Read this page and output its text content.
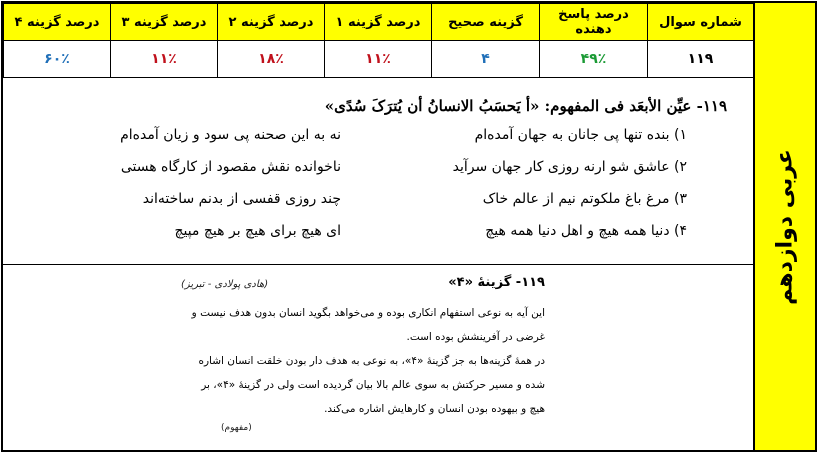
عربی دوازدهم
شماره سوال	درصد پاسخ دهنده	گزینه صحیح	درصد گزینه ۱	درصد گزینه ۲	درصد گزینه ۳	درصد گزینه ۴
۱۱۹	۴۹٪	۴	۱۱٪	۱۸٪	۱۱٪	۶۰٪
۱۱۹- عیِّن الأبعَد فی المفهوم: «أ یَحسَبُ الانسانُ أن یُترَکَ سُدًی»
۱) بنده تنها پی جانان به جهان آمده‌ام
نه به این صحنه پی سود و زیان آمده‌ام
۲) عاشق شو ارنه روزی کار جهان سرآید
ناخوانده نقش مقصود از کارگاه هستی
۳) مرغ باغ ملکوتم نیم از عالم خاک
چند روزی قفسی از بدنم ساخته‌اند
۴) دنیا همه هیچ و اهل دنیا همه هیچ
ای هیچ برای هیچ بر هیچ مپیچ
۱۱۹- گزینهٔ «۴»
(هادی پولادی - تبریز)
این آیه به نوعی استفهام انکاری بوده و می‌خواهد بگوید انسان بدون هدف نیست و
غرضی در آفرینشش بوده است.
در همهٔ گزینه‌ها به جز گزینهٔ «۴»، به نوعی به هدف دار بودن خلقت انسان اشاره
شده و مسیر حرکتش به سوی عالم بالا بیان گردیده است ولی در گزینهٔ «۴»، بر
هیچ و بیهوده بودن انسان و کارهایش اشاره می‌کند.
(مفهوم)
